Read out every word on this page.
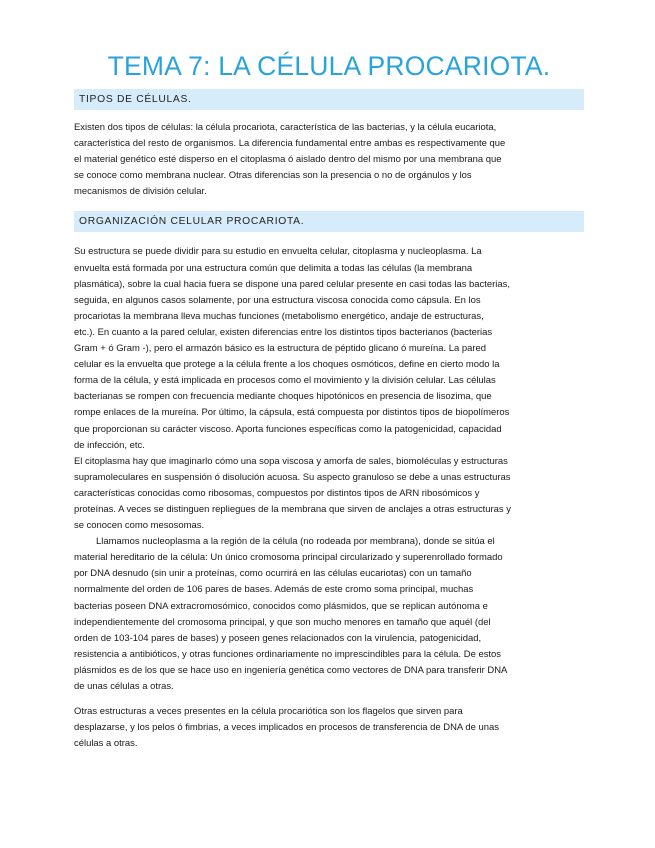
TEMA 7: LA CÉLULA PROCARIOTA.
TIPOS DE CÉLULAS.

Existen dos tipos de células: la célula procariota, característica de las bacterias, y la célula eucariota,
característica del resto de organismos. La diferencia fundamental entre ambas es respectivamente que
el material genético esté disperso en el citoplasma ó aislado dentro del mismo por una membrana que
se conoce como membrana nuclear. Otras diferencias son la presencia o no de orgánulos y los
mecanismos de división celular.

ORGANIZACIÓN CELULAR PROCARIOTA.

Su estructura se puede dividir para su estudio en envuelta celular, citoplasma y nucleoplasma. La
envuelta está formada por una estructura común que delimita a todas las células (la membrana
plasmática), sobre la cual hacia fuera se dispone una pared celular presente en casi todas las bacterias,
seguida, en algunos casos solamente, por una estructura viscosa conocida como cápsula. En los
procariotas la membrana lleva muchas funciones (metabolismo energético, andaje de estructuras,
etc.). En cuanto a la pared celular, existen diferencias entre los distintos tipos bacterianos (bacterias
Gram + ó Gram -), pero el armazón básico es la estructura de péptido glicano ó mureína. La pared
celular es la envuelta que protege a la célula frente a los choques osmóticos, define en cierto modo la
forma de la célula, y está implicada en procesos como el movimiento y la división celular. Las células
bacterianas se rompen con frecuencia mediante choques hipotónicos en presencia de lisozima, que
rompe enlaces de la mureína. Por último, la cápsula, está compuesta por distintos tipos de biopolímeros
que proporcionan su carácter viscoso. Aporta funciones específicas como la patogenicidad, capacidad
de infección, etc.

El citoplasma hay que imaginarlo cómo una sopa viscosa y amorfa de sales, biomoléculas y estructuras
supramoleculares en suspensión ó disolución acuosa. Su aspecto granuloso se debe a unas estructuras
características conocidas como ribosomas, compuestos por distintos tipos de ARN ribosómicos y
proteínas. A veces se distinguen repliegues de la membrana que sirven de anclajes a otras estructuras y
se conocen como mesosomas.

Llamamos nucleoplasma a la región de la célula (no rodeada por membrana), donde se sitúa el
material hereditario de la célula: Un único cromosoma principal circularizado y superenrollado formado
por DNA desnudo (sin unir a proteínas, como ocurrirá en las células eucariotas) con un tamaño
normalmente del orden de 106 pares de bases. Además de este cromo soma principal, muchas
bacterias poseen DNA extracromosómico, conocidos como plásmidos, que se replican autónoma e
independientemente del cromosoma principal, y que son mucho menores en tamaño que aquél (del
orden de 103-104 pares de bases) y poseen genes relacionados con la virulencia, patogenicidad,
resistencia a antibióticos, y otras funciones ordinariamente no imprescindibles para la célula. De estos
plásmidos es de los que se hace uso en ingeniería genética como vectores de DNA para transferir DNA
de unas células a otras.

Otras estructuras a veces presentes en la célula procariótica son los flagelos que sirven para
desplazarse, y los pelos ó fimbrias, a veces implicados en procesos de transferencia de DNA de unas
células a otras.
